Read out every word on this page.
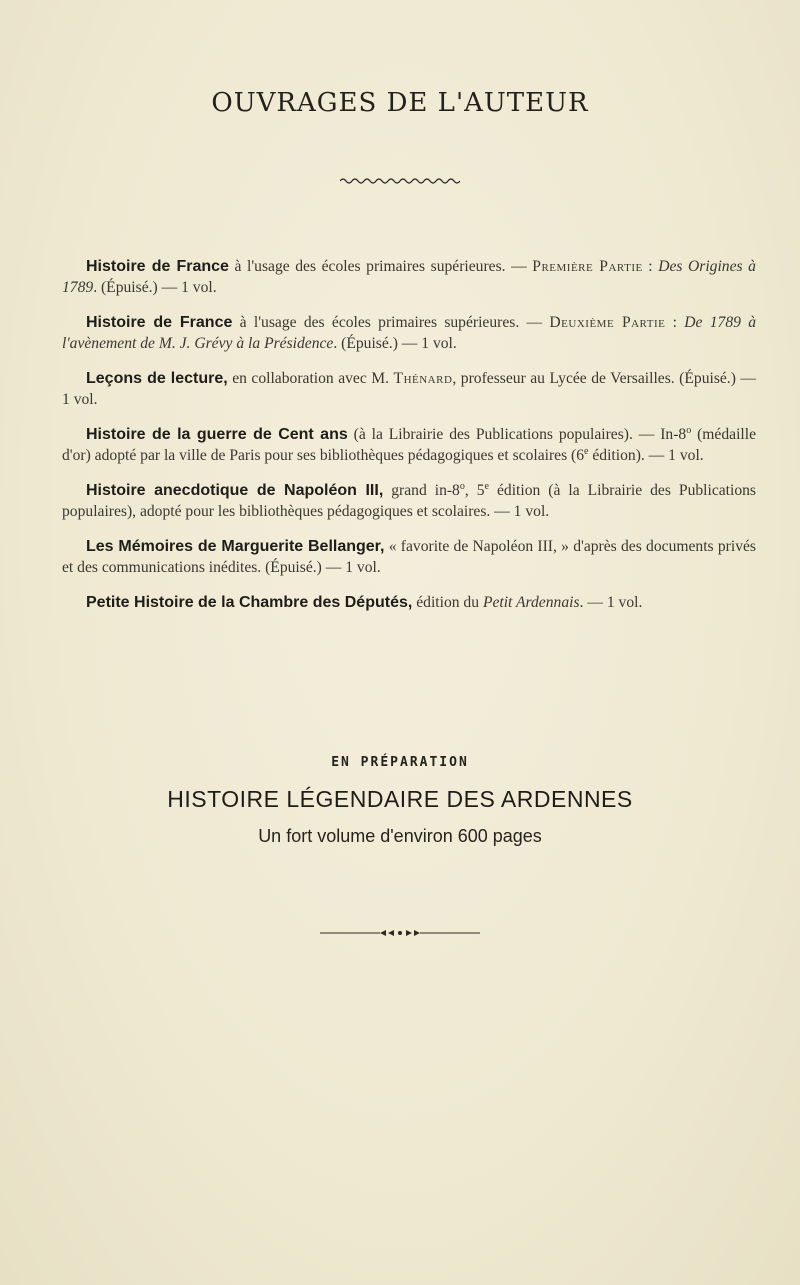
OUVRAGES DE L'AUTEUR

Histoire de France à l'usage des écoles primaires supérieures. — Première Partie : Des Origines à 1789. (Épuisé.) — 1 vol.

Histoire de France à l'usage des écoles primaires supérieures. — Deuxième Partie : De 1789 à l'avènement de M. J. Grévy à la Présidence. (Épuisé.) — 1 vol.

Leçons de lecture, en collaboration avec M. Thénard, professeur au Lycée de Versailles. (Épuisé.) — 1 vol.

Histoire de la guerre de Cent ans (à la Librairie des Publications populaires). — In-8$^o$ (médaille d'or) adopté par la ville de Paris pour ses bibliothèques pédagogiques et scolaires (6e édition). — 1 vol.

Histoire anecdotique de Napoléon III, grand in-8$^o$, 5e édition (à la Librairie des Publications populaires), adopté pour les bibliothèques pédagogiques et scolaires. — 1 vol.

Les Mémoires de Marguerite Bellanger, « favorite de Napoléon III, » d'après des documents privés et des communications inédites. (Épuisé.) — 1 vol.

Petite Histoire de la Chambre des Députés, édition du Petit Ardennais. — 1 vol.

EN PRÉPARATION
HISTOIRE LÉGENDAIRE DES ARDENNES
Un fort volume d'environ 600 pages
